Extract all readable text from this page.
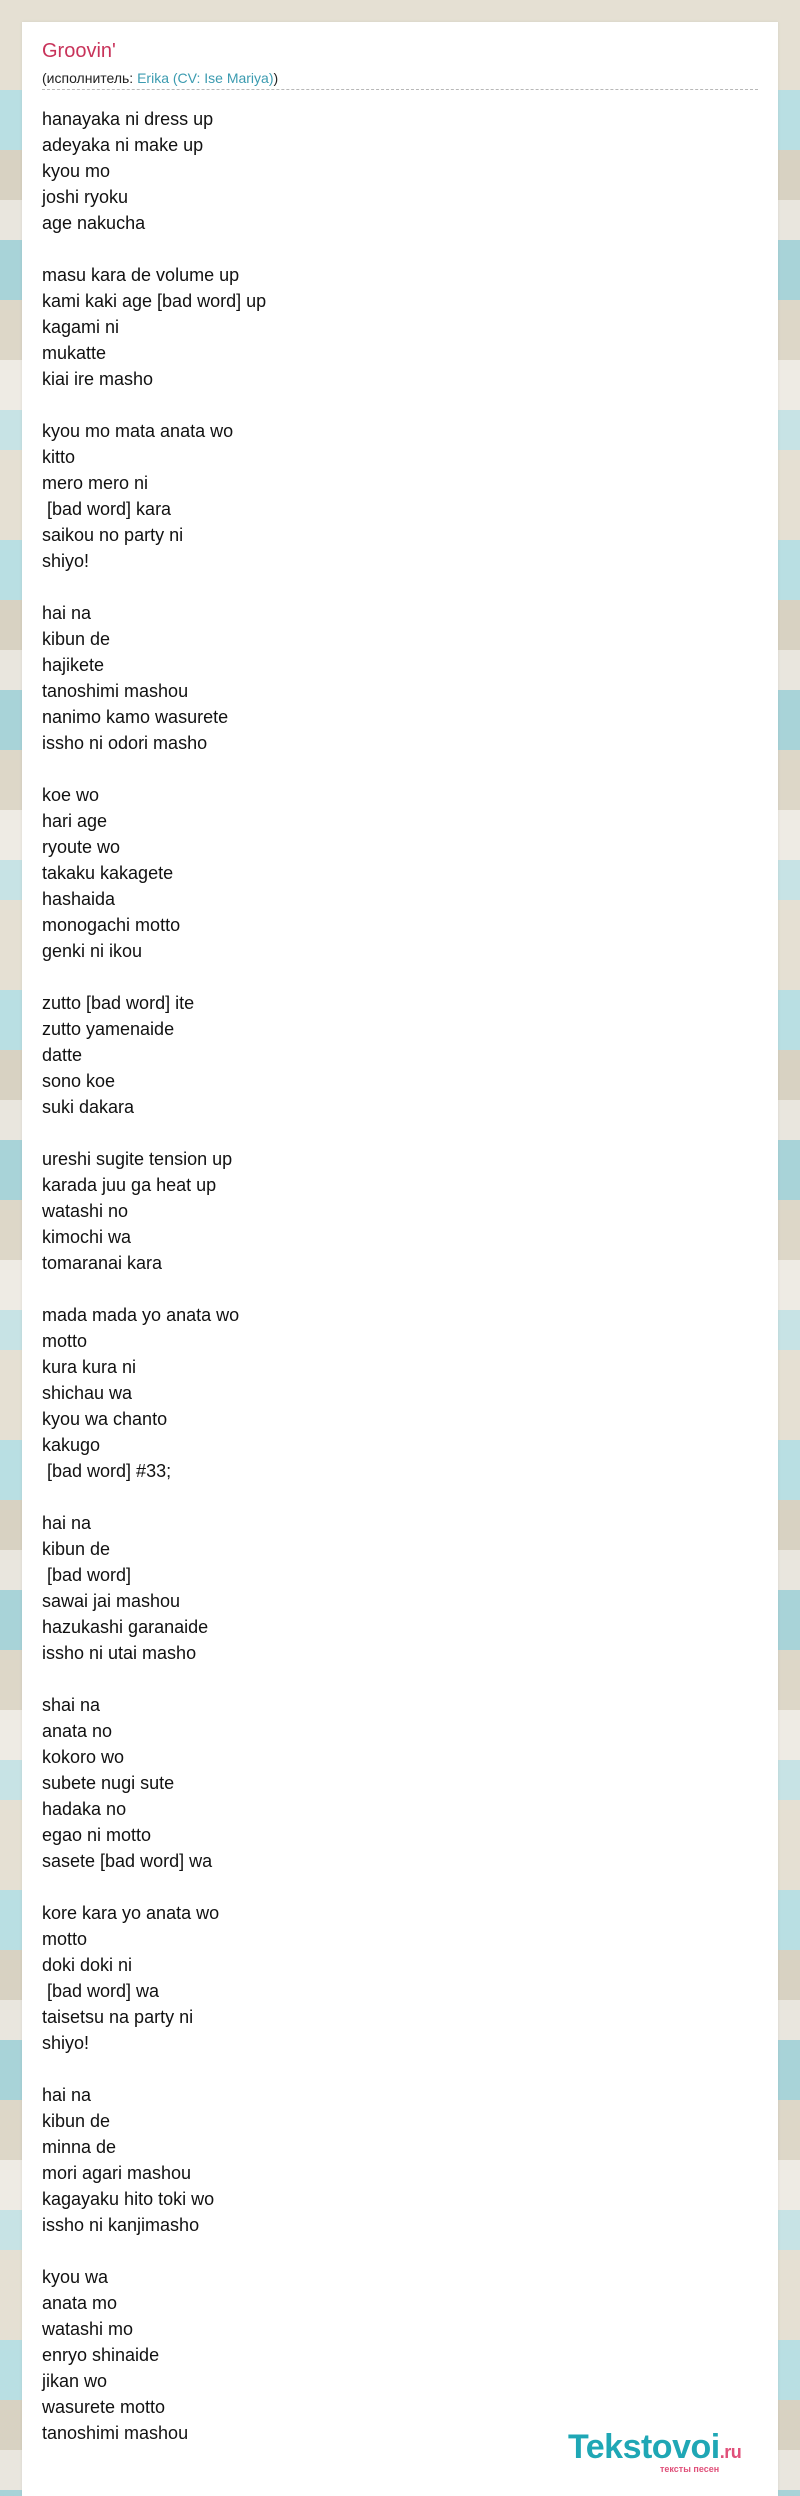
Groovin'
(исполнитель: Erika (CV: Ise Mariya))
hanayaka ni dress up
adeyaka ni make up
kyou mo
joshi ryoku
age nakucha
masu kara de volume up
kami kaki age [bad word] up
kagami ni
mukatte
kiai ire masho
kyou mo mata anata wo
kitto
mero mero ni
[bad word] kara
saikou no party ni
shiyo!
hai na
kibun de
hajikete
tanoshimi mashou
nanimo kamo wasurete
issho ni odori masho
koe wo
hari age
ryoute wo
takaku kakagete
hashaida
monogachi motto
genki ni ikou
zutto [bad word] ite
zutto yamenaide
datte
sono koe
suki dakara
ureshi sugite tension up
karada juu ga heat up
watashi no
kimochi wa
tomaranai kara
mada mada yo anata wo
motto
kura kura ni
shichau wa
kyou wa chanto
kakugo
[bad word] #33;
hai na
kibun de
[bad word]
sawai jai mashou
hazukashi garanaide
issho ni utai masho
shai na
anata no
kokoro wo
subete nugi sute
hadaka no
egao ni motto
sasete [bad word] wa
kore kara yo anata wo
motto
doki doki ni
[bad word] wa
taisetsu na party ni
shiyo!
hai na
kibun de
minna de
mori agari mashou
kagayaku hito toki wo
issho ni kanjimasho
kyou wa
anata mo
watashi mo
enryo shinaide
jikan wo
wasurete motto
tanoshimi mashou	Tekstovoi.ru
тексты песен
